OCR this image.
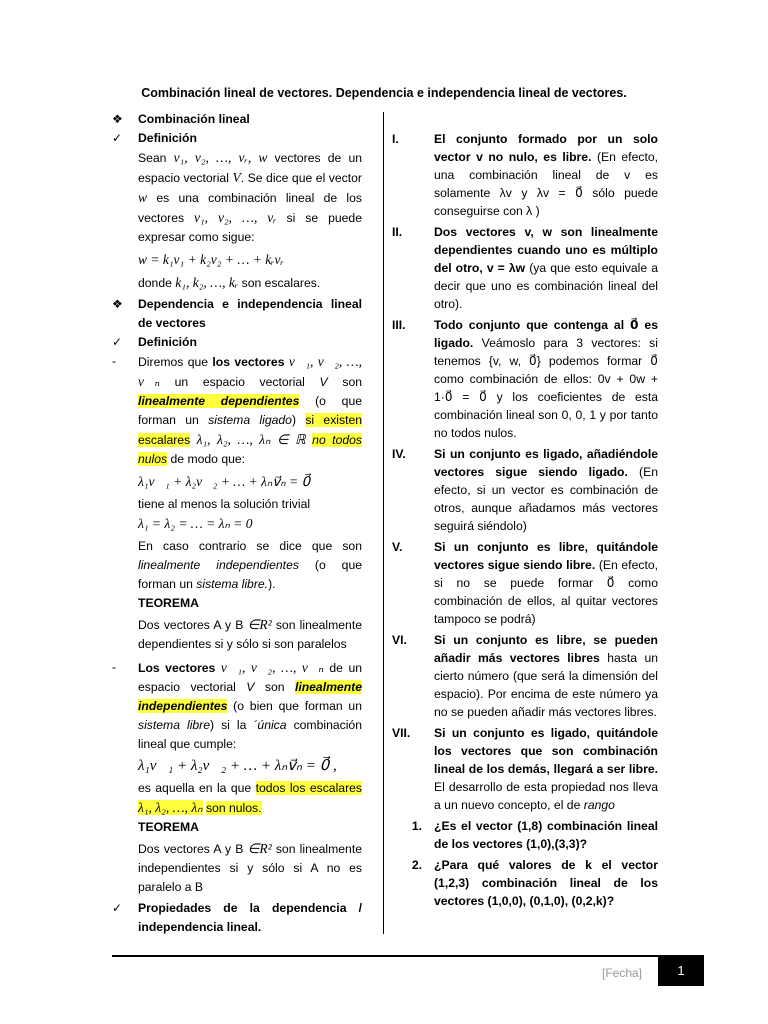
Combinación lineal de vectores. Dependencia e independencia lineal de vectores.
❖	Combinación lineal
✓	Definición

Sean v₁, v₂, …, vᵣ, w vectores de un espacio vectorial V. Se dice que el vector w es una combinación lineal de los vectores v₁, v₂, …, vᵣ si se puede expresar como sigue:

w = k₁v₁ + k₂v₂ + … + kᵣvᵣ

donde k₁, k₂, …, kᵣ son escalares.

❖	Dependencia e independencia lineal de vectores
✓	Definición
-	Diremos que los vectores v⃗₁, v⃗₂, …, v⃗ₙ un espacio vectorial V son linealmente dependientes (o que forman un sistema ligado) si existen escalares λ₁, λ₂, …, λₙ ∈ ℝ no todos nulos de modo que:

λ₁v⃗₁ + λ₂v⃗₂ + … + λₙv⃗ₙ = 0⃗

tiene al menos la solución trivial

λ₁ = λ₂ = … = λₙ = 0

En caso contrario se dice que son linealmente independientes (o que forman un sistema libre.).

TEOREMA

Dos vectores A y B ∈R² son linealmente dependientes si y sólo si son paralelos

-	Los vectores v⃗₁, v⃗₂, …, v⃗ₙ de un espacio vectorial V son linealmente independientes (o bien que forman un sistema libre) si la ´única combinación lineal que cumple:

λ₁v⃗₁ + λ₂v⃗₂ + … + λₙv⃗ₙ = 0⃗ ,

es aquella en la que todos los escalares λ₁, λ₂, …, λₙ son nulos.

TEOREMA

Dos vectores A y B ∈R² son linealmente independientes si y sólo si A no es paralelo a B

✓	Propiedades de la dependencia / independencia lineal.
I.	El conjunto formado por un solo vector v no nulo, es libre. (En efecto, una combinación lineal de v es solamente λv y λv = 0⃗ sólo puede conseguirse con λ )

II.	Dos vectores v, w son linealmente dependientes cuando uno es múltiplo del otro, v = λw (ya que esto equivale a decir que uno es combinación lineal del otro).

III.	Todo conjunto que contenga al 0⃗ es ligado. Veámoslo para 3 vectores: si tenemos {v, w, 0⃗} podemos formar 0⃗ como combinación de ellos: 0v + 0w + 1·0⃗ = 0⃗ y los coeficientes de esta combinación lineal son 0, 0, 1 y por tanto no todos nulos.

IV.	Si un conjunto es ligado, añadiéndole vectores sigue siendo ligado. (En efecto, si un vector es combinación de otros, aunque añadamos más vectores seguirá siéndolo)

V.	Si un conjunto es libre, quitándole vectores sigue siendo libre. (En efecto, si no se puede formar 0⃗ como combinación de ellos, al quitar vectores tampoco se podrá)

VI.	Si un conjunto es libre, se pueden añadir más vectores libres hasta un cierto número (que será la dimensión del espacio). Por encima de este número ya no se pueden añadir más vectores libres.

VII.	Si un conjunto es ligado, quitándole los vectores que son combinación lineal de los demás, llegará a ser libre. El desarrollo de esta propiedad nos lleva a un nuevo concepto, el de rango

1. ¿Es el vector (1,8) combinación lineal de los vectores (1,0),(3,3)?

2. ¿Para qué valores de k el vector (1,2,3) combinación lineal de los vectores (1,0,0), (0,1,0), (0,2,k)?

[Fecha]	1
